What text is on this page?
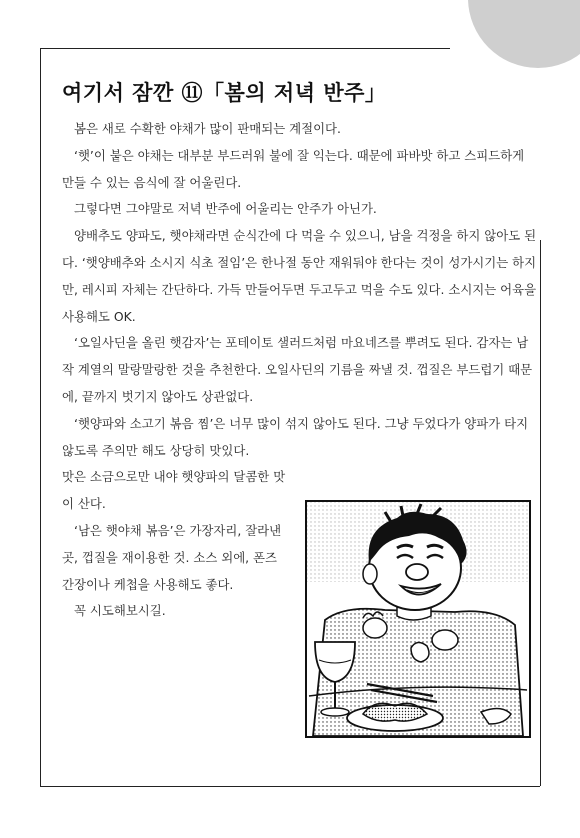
여기서 잠깐 ⑪「봄의 저녁 반주」

봄은 새로 수확한 야채가 많이 판매되는 계절이다.

‘햇’이 붙은 야채는 대부분 부드러워 불에 잘 익는다. 때문에 파바밧 하고 스피드하게 만들 수 있는 음식에 잘 어울린다.

그렇다면 그야말로 저녁 반주에 어울리는 안주가 아닌가.

양배추도 양파도, 햇야채라면 순식간에 다 먹을 수 있으니, 남을 걱정을 하지 않아도 된다. ‘햇양배추와 소시지 식초 절임’은 한나절 동안 재워둬야 한다는 것이 성가시기는 하지만, 레시피 자체는 간단하다. 가득 만들어두면 두고두고 먹을 수도 있다. 소시지는 어육을 사용해도 OK.

‘오일사딘을 올린 햇감자’는 포테이토 샐러드처럼 마요네즈를 뿌려도 된다. 감자는 남작 계열의 말랑말랑한 것을 추천한다. 오일사딘의 기름을 짜낼 것. 껍질은 부드럽기 때문에, 끝까지 벗기지 않아도 상관없다.

‘햇양파와 소고기 볶음 찜’은 너무 많이 섞지 않아도 된다. 그냥 두었다가 양파가 타지 않도록 주의만 해도 상당히 맛있다.

맛은 소금으로만 내야 햇양파의 달콤한 맛이 산다.

‘남은 햇야채 볶음’은 가장자리, 잘라낸 곳, 껍질을 재이용한 것. 소스 외에, 폰즈 간장이나 케첩을 사용해도 좋다.

꼭 시도해보시길.
